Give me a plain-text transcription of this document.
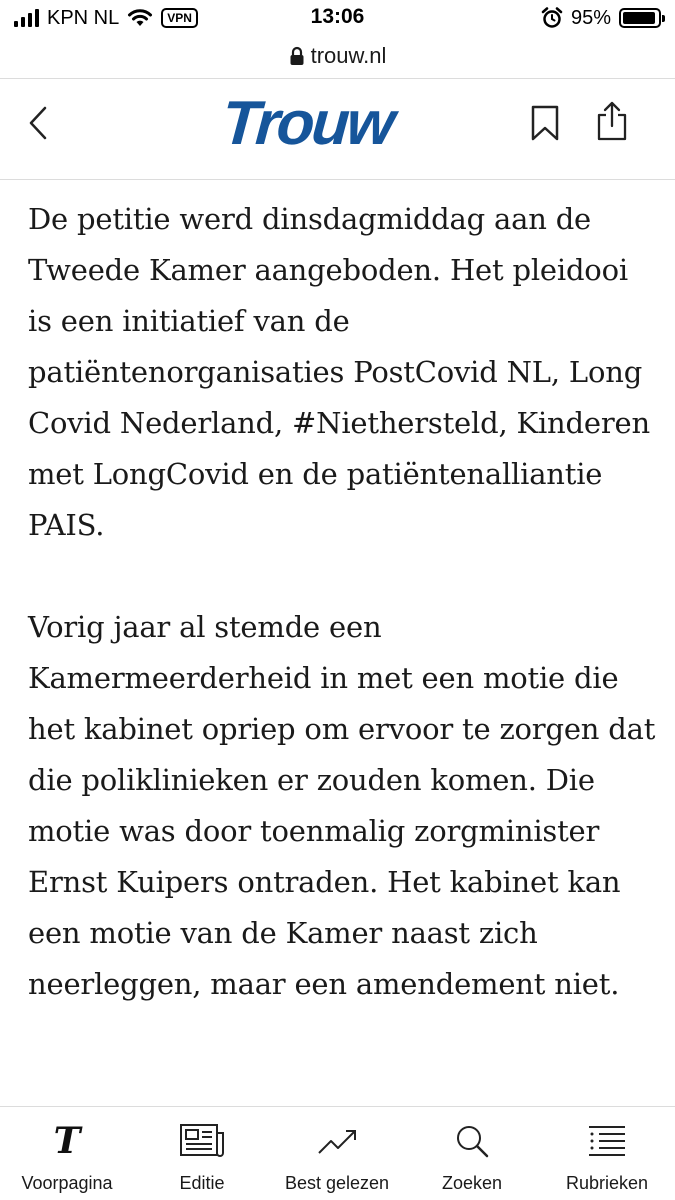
KPN NL	VPN	13:06	95%
trouw.nl
Trouw

De petitie werd dinsdagmiddag aan de Tweede Kamer aangeboden. Het pleidooi is een initiatief van de patiëntenorganisaties PostCovid NL, Long Covid Nederland, #Niethersteld, Kinderen met LongCovid en de patiëntenalliantie PAIS.

Vorig jaar al stemde een Kamermeerderheid in met een motie die het kabinet opriep om ervoor te zorgen dat die poliklinieken er zouden komen. Die motie was door toenmalig zorgminister Ernst Kuipers ontraden. Het kabinet kan een motie van de Kamer naast zich neerleggen, maar een amendement niet.

T
Voorpagina	Editie	Best gelezen	Zoeken	Rubrieken
